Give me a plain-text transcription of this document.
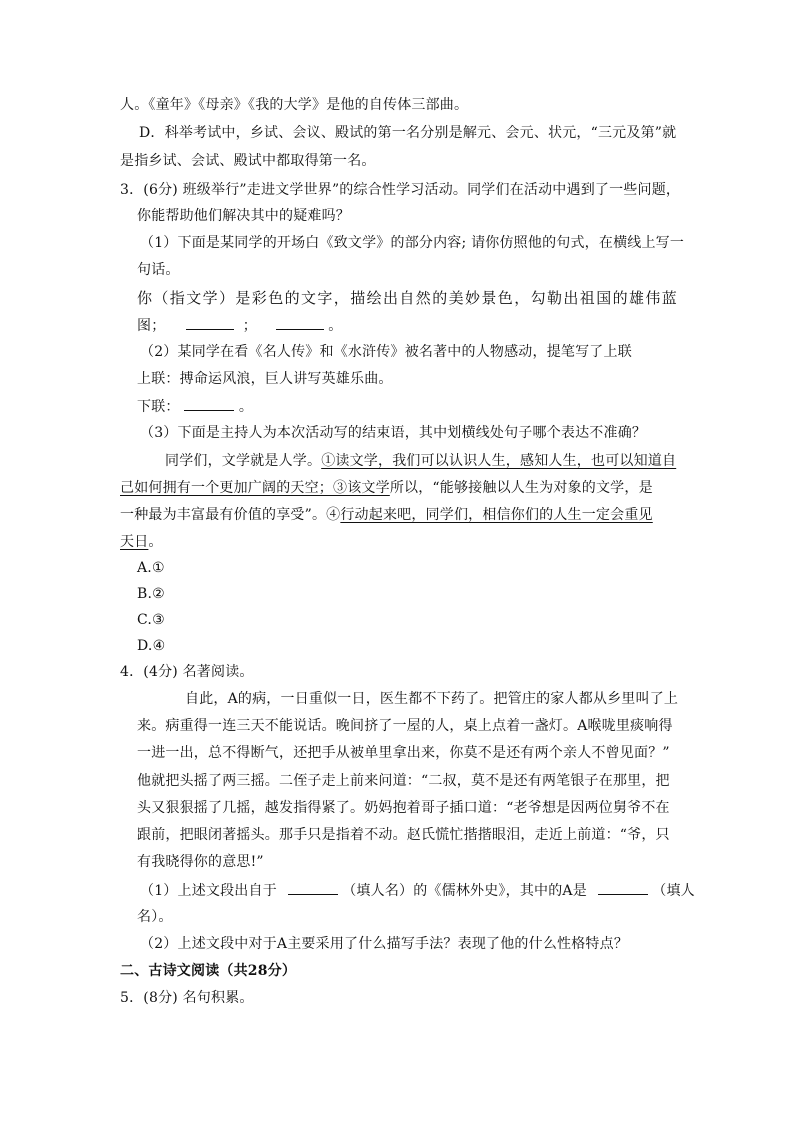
人。《童年》《母亲》《我的大学》是他的自传体三部曲。
D．科举考试中，乡试、会议、殿试的第一名分别是解元、会元、状元，“三元及第”就
是指乡试、会试、殿试中都取得第一名。
3．(6分) 班级举行”走进文学世界”的综合性学习活动。同学们在活动中遇到了一些问题，
你能帮助他们解决其中的疑难吗？
（1）下面是某同学的开场白《致文学》的部分内容; 请你仿照他的句式，在横线上写一
句话。
你（指文学）是彩色的文字，描绘出自然的美妙景色，勾勒出祖国的雄伟蓝
图；	；	。
（2）某同学在看《名人传》和《水浒传》被名著中的人物感动，提笔写了上联
上联：搏命运风浪，巨人讲写英雄乐曲。
下联：	。
（3）下面是主持人为本次活动写的结束语，其中划横线处句子哪个表达不准确？
同学们，文学就是人学。①读文学，我们可以认识人生，感知人生，也可以知道自
己如何拥有一个更加广阔的天空；③该文学所以，“能够接触以人生为对象的文学，是
一种最为丰富最有价值的享受”。④行动起来吧，同学们，相信你们的人生一定会重见
天日。
A.①
B.②
C.③
D.④
4．(4分) 名著阅读。
自此，A的病，一日重似一日，医生都不下药了。把管庄的家人都从乡里叫了上
来。病重得一连三天不能说话。晚间挤了一屋的人，桌上点着一盏灯。A喉咙里痰响得
一进一出，总不得断气，还把手从被单里拿出来，你莫不是还有两个亲人不曾见面？”
他就把头摇了两三摇。二侄子走上前来问道：“二叔，莫不是还有两笔银子在那里，把
头又狠狠摇了几摇，越发指得紧了。奶妈抱着哥子插口道：“老爷想是因两位舅爷不在
跟前，把眼闭著摇头。那手只是指着不动。赵氏慌忙揩揩眼泪，走近上前道：“爷，只
有我晓得你的意思!”
（1）上述文段出自于	（填人名）的《儒林外史》，其中的A是	（填人
名）。
（2）上述文段中对于A主要采用了什么描写手法？表现了他的什么性格特点？
二、古诗文阅读（共28分）
5．(8分) 名句积累。
